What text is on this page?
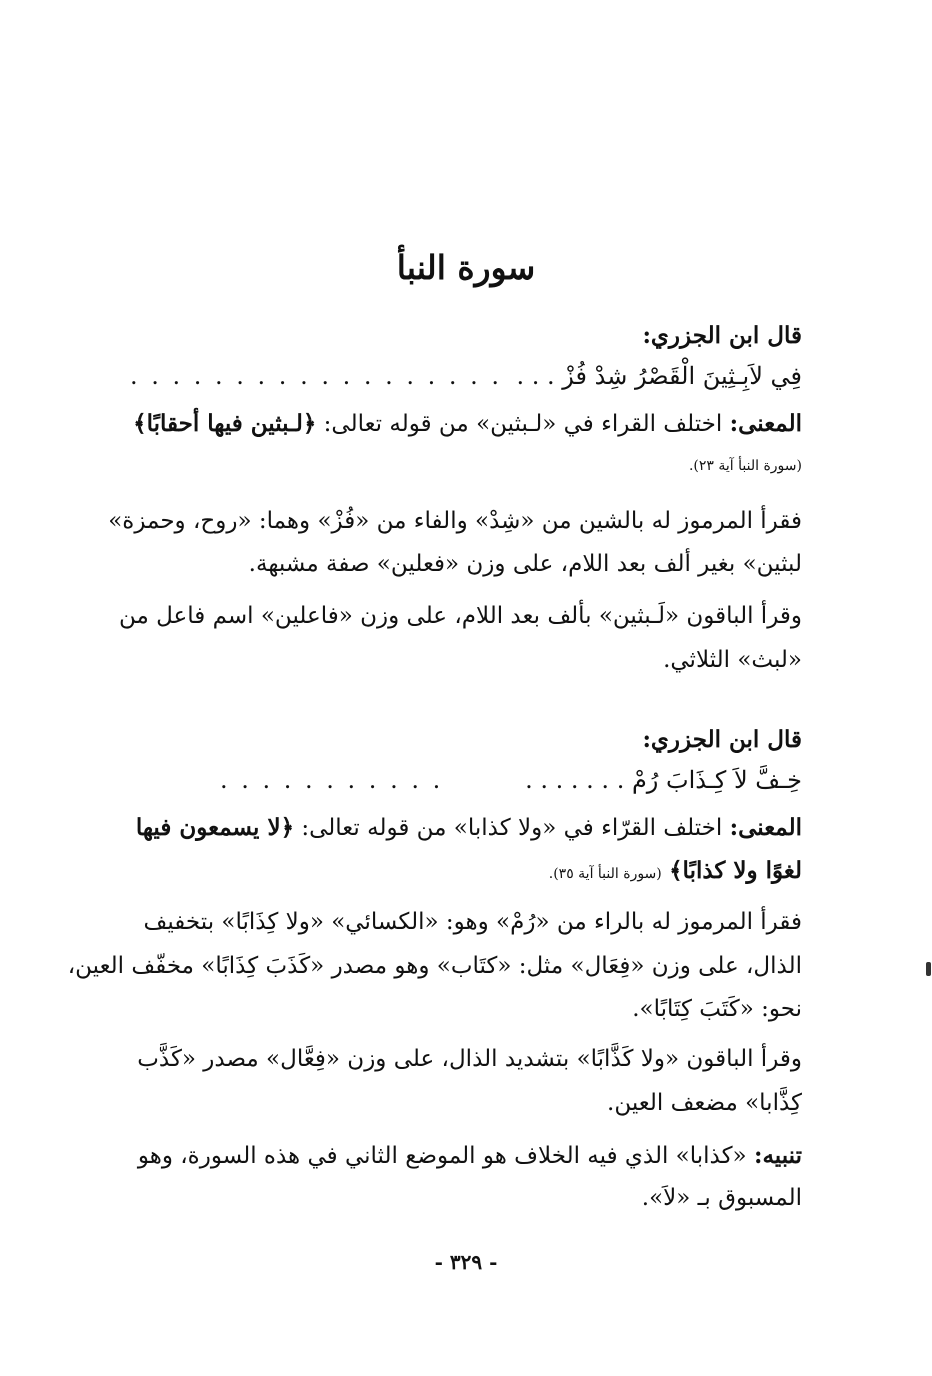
سورة النبأ
قال ابن الجزري:
فِي لاَبِـثِينَ الْقَصْرُ شِدْ فُزْ . . .
. . . . . . . . . . . . . . . . . .
المعنى: اختلف القراء في «لـبثين» من قوله تعالى: ﴿لـبثين فيها أحقابًا﴾
(سورة النبأ آية ٢٣).
فقرأ المرموز له بالشين من «شِدْ» والفاء من «فُزْ» وهما: «روح، وحمزة»
لبثين» بغير ألف بعد اللام، على وزن «فعلين» صفة مشبهة.
وقرأ الباقون «لَـبثين» بألف بعد اللام، على وزن «فاعلين» اسم فاعل من
«لبث» الثلاثي.
قال ابن الجزري:
خِـفَّ لاَ كِـذَابَ رُمْ . . . . . . .
. . . . . . . . . . .
المعنى: اختلف القرّاء في «ولا كذابا» من قوله تعالى: ﴿لا يسمعون فيها
لغوًا ولا كذابًا﴾ (سورة النبأ آية ٣٥).
فقرأ المرموز له بالراء من «رُمْ» وهو: «الكسائي» «ولا كِذَابًا» بتخفيف
الذال، على وزن «فِعَال» مثل: «كتَاب» وهو مصدر «كَذَبَ كِذَابًا» مخفّف العين،
نحو: «كَتَبَ كِتَابًا».
وقرأ الباقون «ولا كَذَّابًا» بتشديد الذال، على وزن «فِعَّال» مصدر «كَذَّب
كِذَّابا» مضعف العين.
تنبيه: «كذابا» الذي فيه الخلاف هو الموضع الثاني في هذه السورة، وهو
المسبوق بـ «لاَ».
- ٣٢٩ -
